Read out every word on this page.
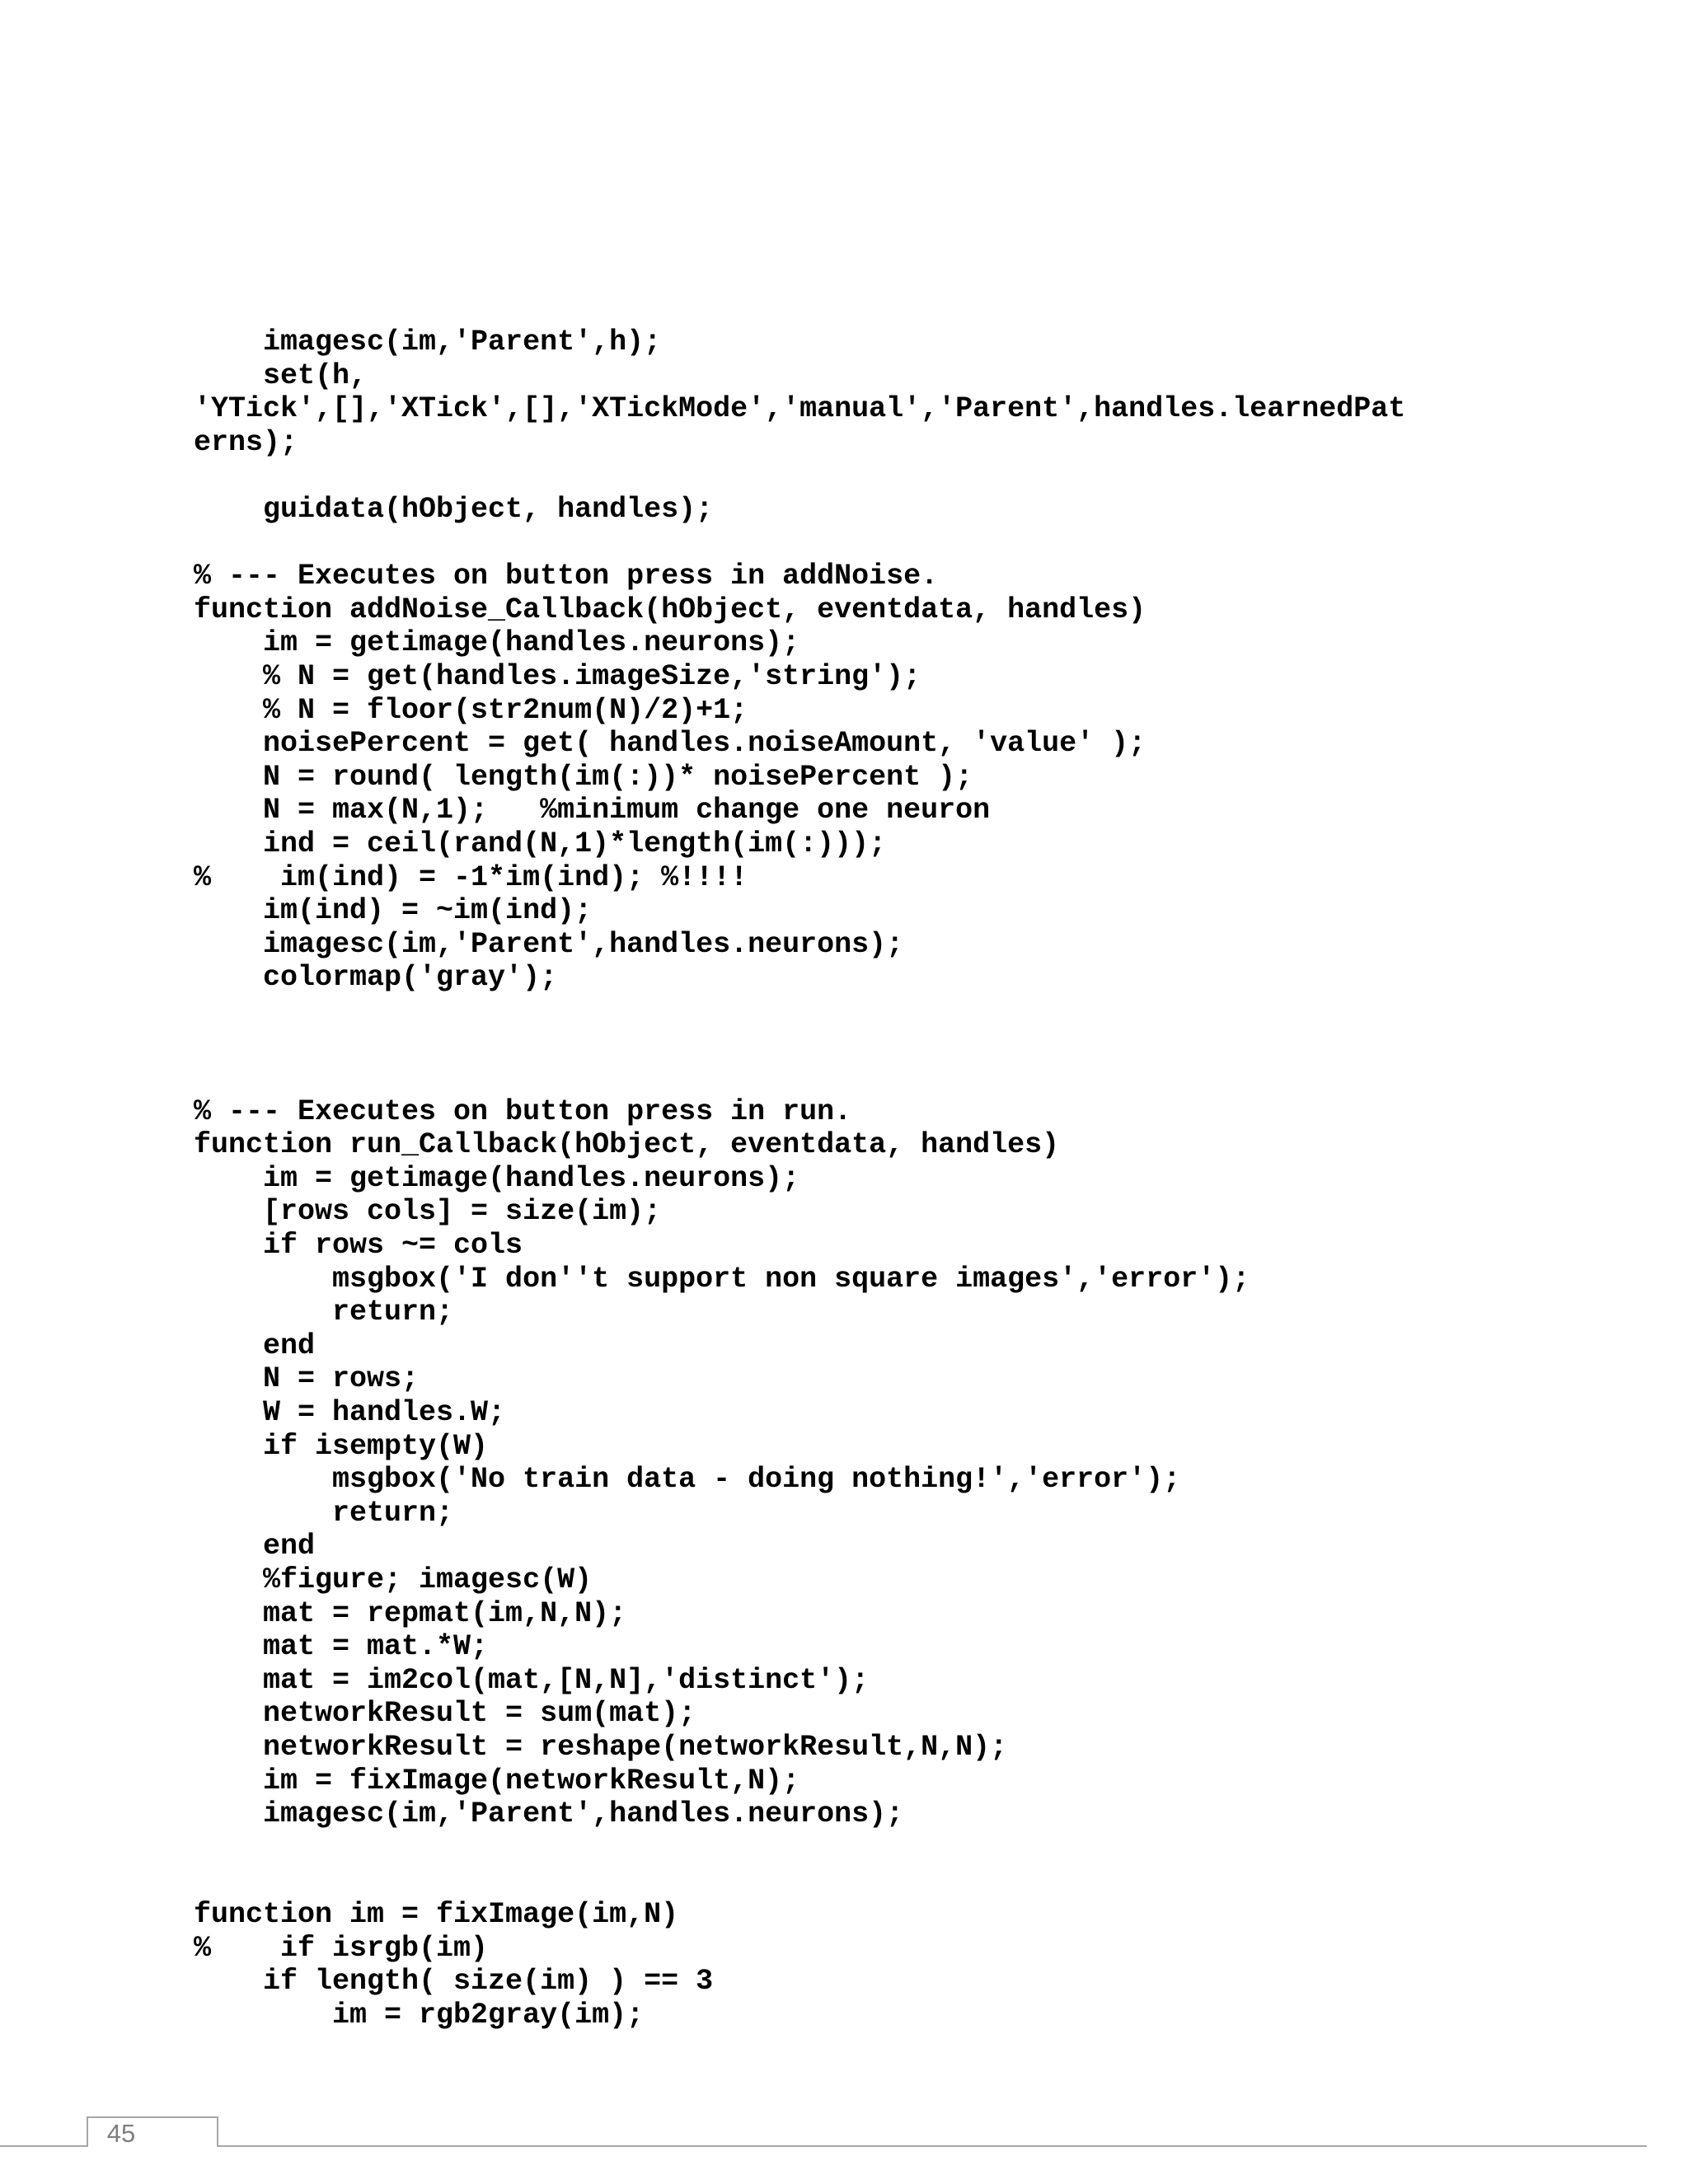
imagesc(im,'Parent',h);
set(h,
'YTick',[],'XTick',[],'XTickMode','manual','Parent',handles.learnedPat
erns);
guidata(hObject, handles);
% --- Executes on button press in addNoise.
function addNoise_Callback(hObject, eventdata, handles)
im = getimage(handles.neurons);
% N = get(handles.imageSize,'string');
% N = floor(str2num(N)/2)+1;
noisePercent = get( handles.noiseAmount, 'value' );
N = round( length(im(:))* noisePercent );
N = max(N,1);   %minimum change one neuron
ind = ceil(rand(N,1)*length(im(:)));
%    im(ind) = -1*im(ind); %!!!!
im(ind) = ~im(ind);
imagesc(im,'Parent',handles.neurons);
colormap('gray');
% --- Executes on button press in run.
function run_Callback(hObject, eventdata, handles)
im = getimage(handles.neurons);
[rows cols] = size(im);
if rows ~= cols
msgbox('I don''t support non square images','error');
return;
end
N = rows;
W = handles.W;
if isempty(W)
msgbox('No train data - doing nothing!','error');
return;
end
%figure; imagesc(W)
mat = repmat(im,N,N);
mat = mat.*W;
mat = im2col(mat,[N,N],'distinct');
networkResult = sum(mat);
networkResult = reshape(networkResult,N,N);
im = fixImage(networkResult,N);
imagesc(im,'Parent',handles.neurons);
function im = fixImage(im,N)
%    if isrgb(im)
if length( size(im) ) == 3
im = rgb2gray(im);
45
